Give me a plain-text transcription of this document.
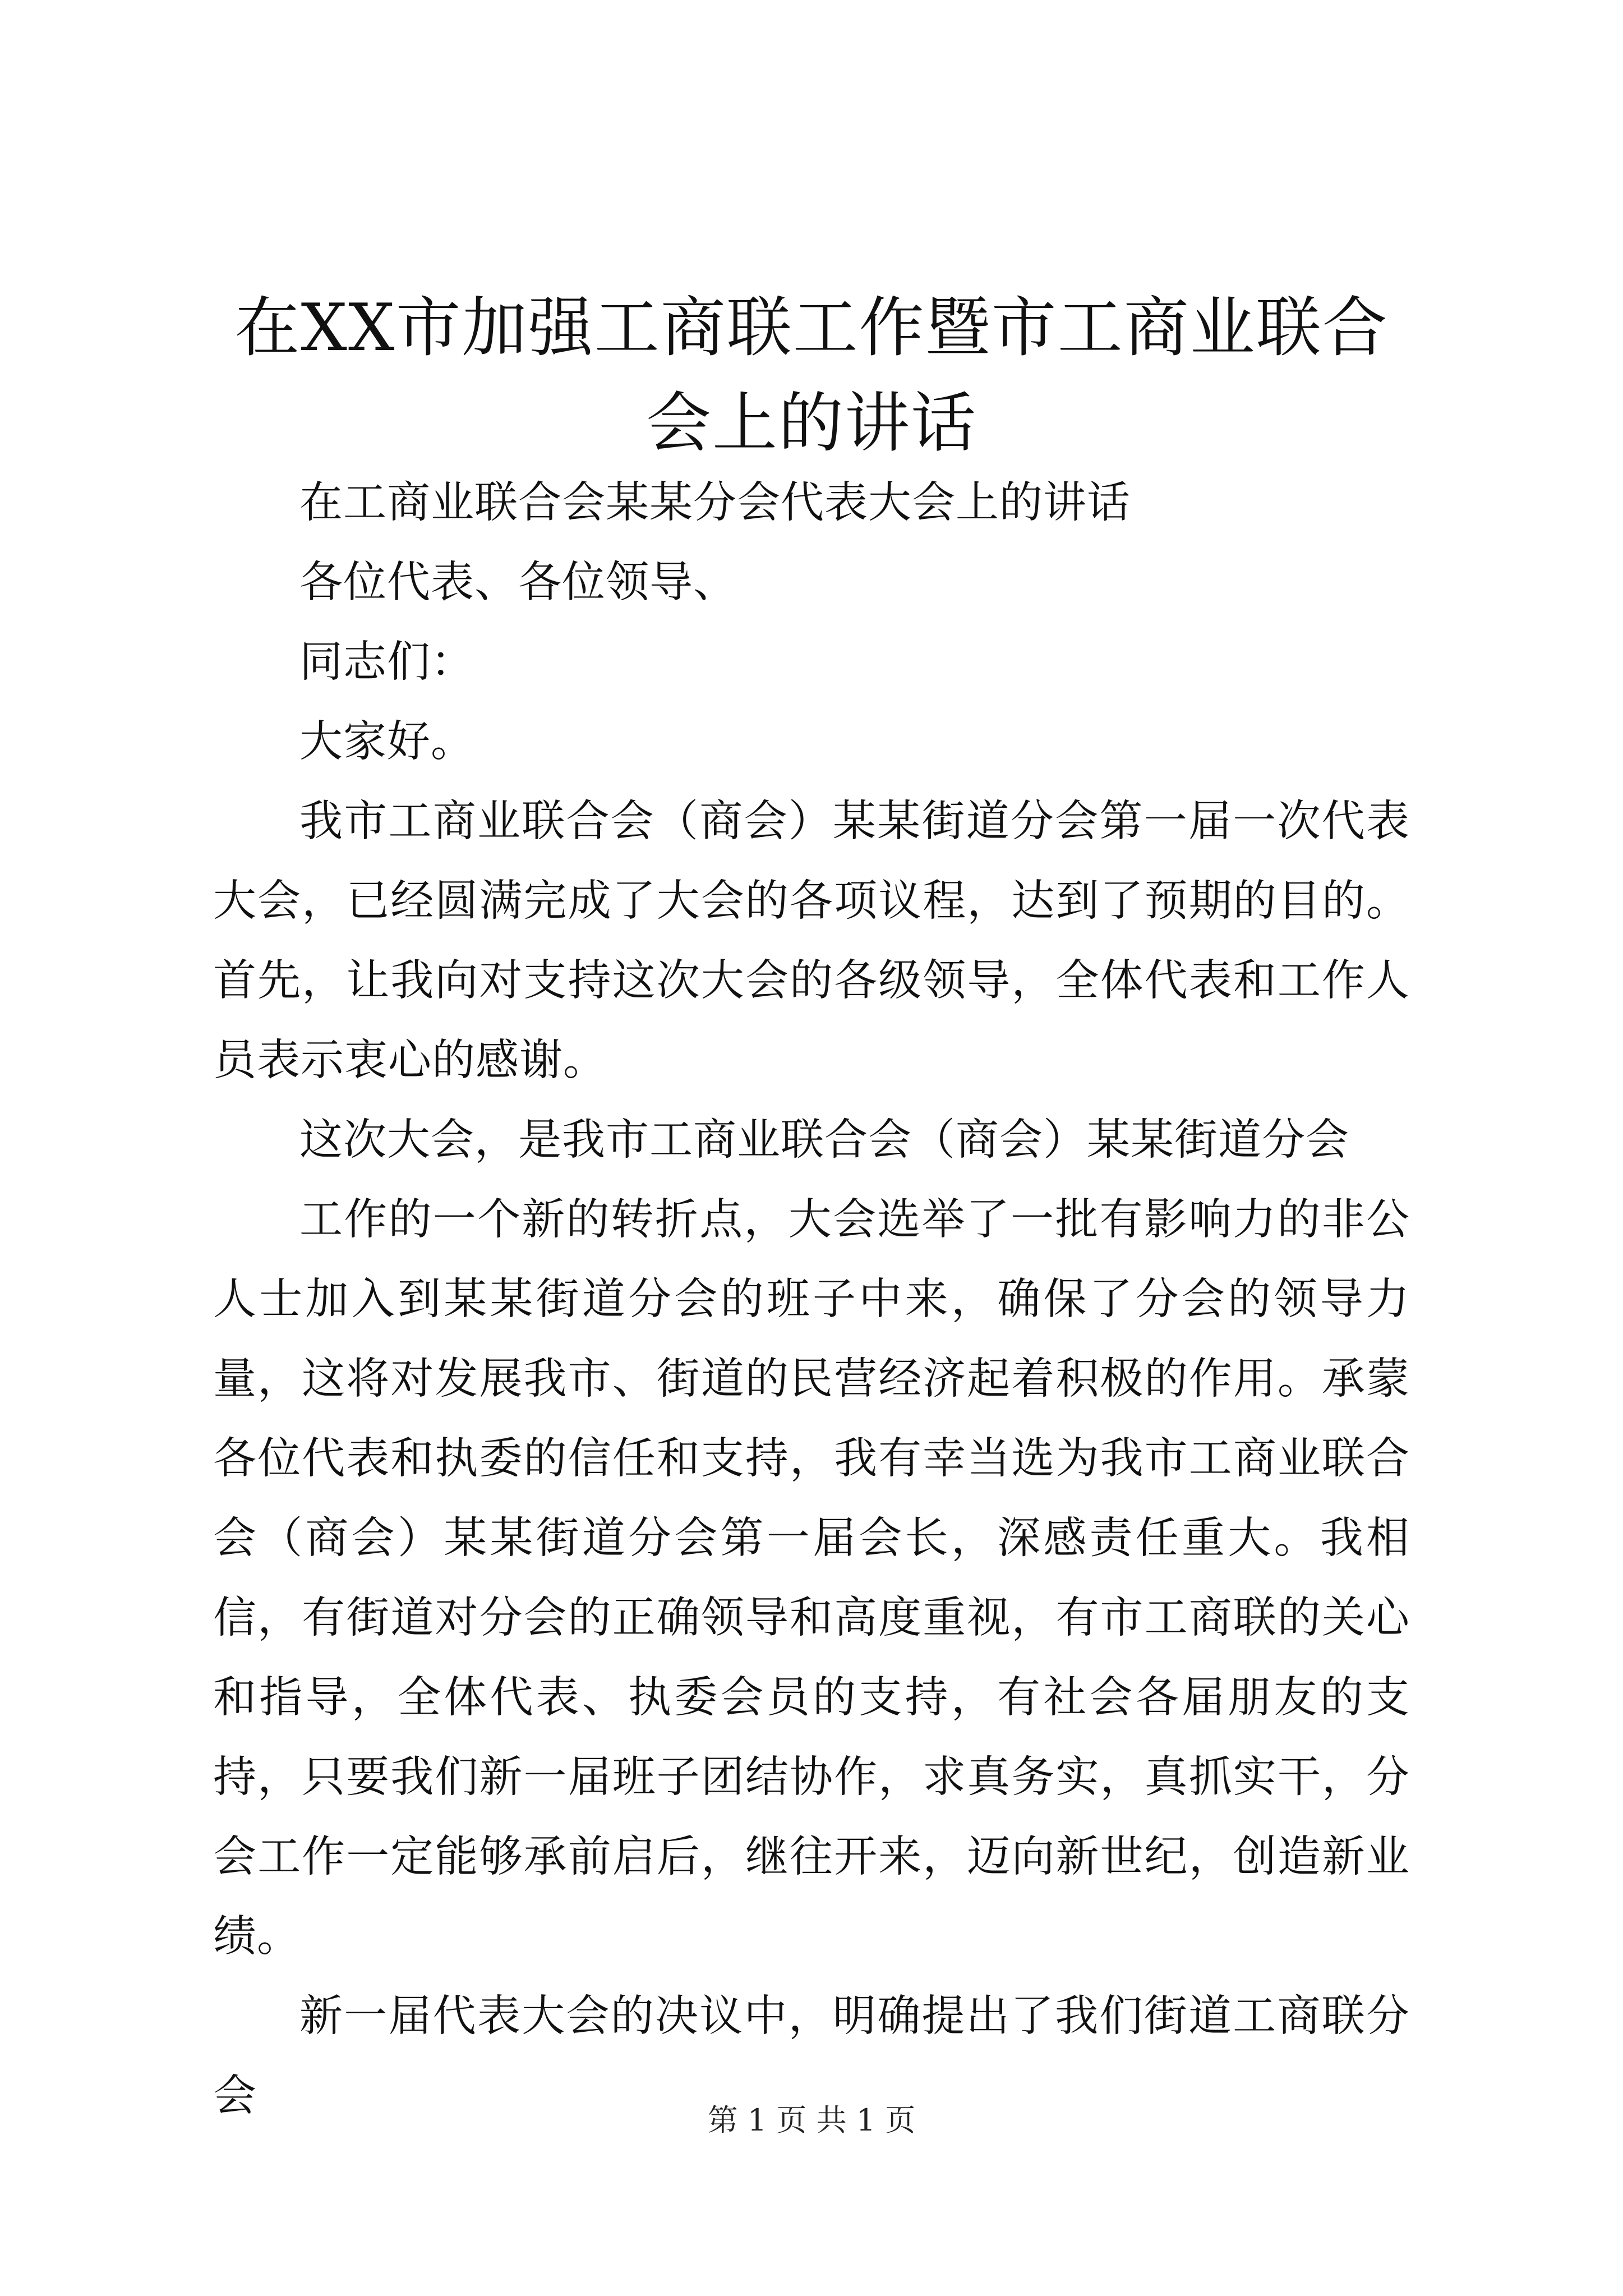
在XX市加强工商联工作暨市工商业联合会上的讲话

在工商业联合会某某分会代表大会上的讲话

各位代表、各位领导、

同志们：

大家好。

我市工商业联合会（商会）某某街道分会第一届一次代表大会，已经圆满完成了大会的各项议程，达到了预期的目的。首先，让我向对支持这次大会的各级领导，全体代表和工作人员表示衷心的感谢。

这次大会，是我市工商业联合会（商会）某某街道分会

工作的一个新的转折点，大会选举了一批有影响力的非公人士加入到某某街道分会的班子中来，确保了分会的领导力量，这将对发展我市、街道的民营经济起着积极的作用。承蒙各位代表和执委的信任和支持，我有幸当选为我市工商业联合会（商会）某某街道分会第一届会长，深感责任重大。我相信，有街道对分会的正确领导和高度重视，有市工商联的关心和指导，全体代表、执委会员的支持，有社会各届朋友的支持，只要我们新一届班子团结协作，求真务实，真抓实干，分会工作一定能够承前启后，继往开来，迈向新世纪，创造新业绩。

新一届代表大会的决议中，明确提出了我们街道工商联分会	第 1 页 共 1 页
